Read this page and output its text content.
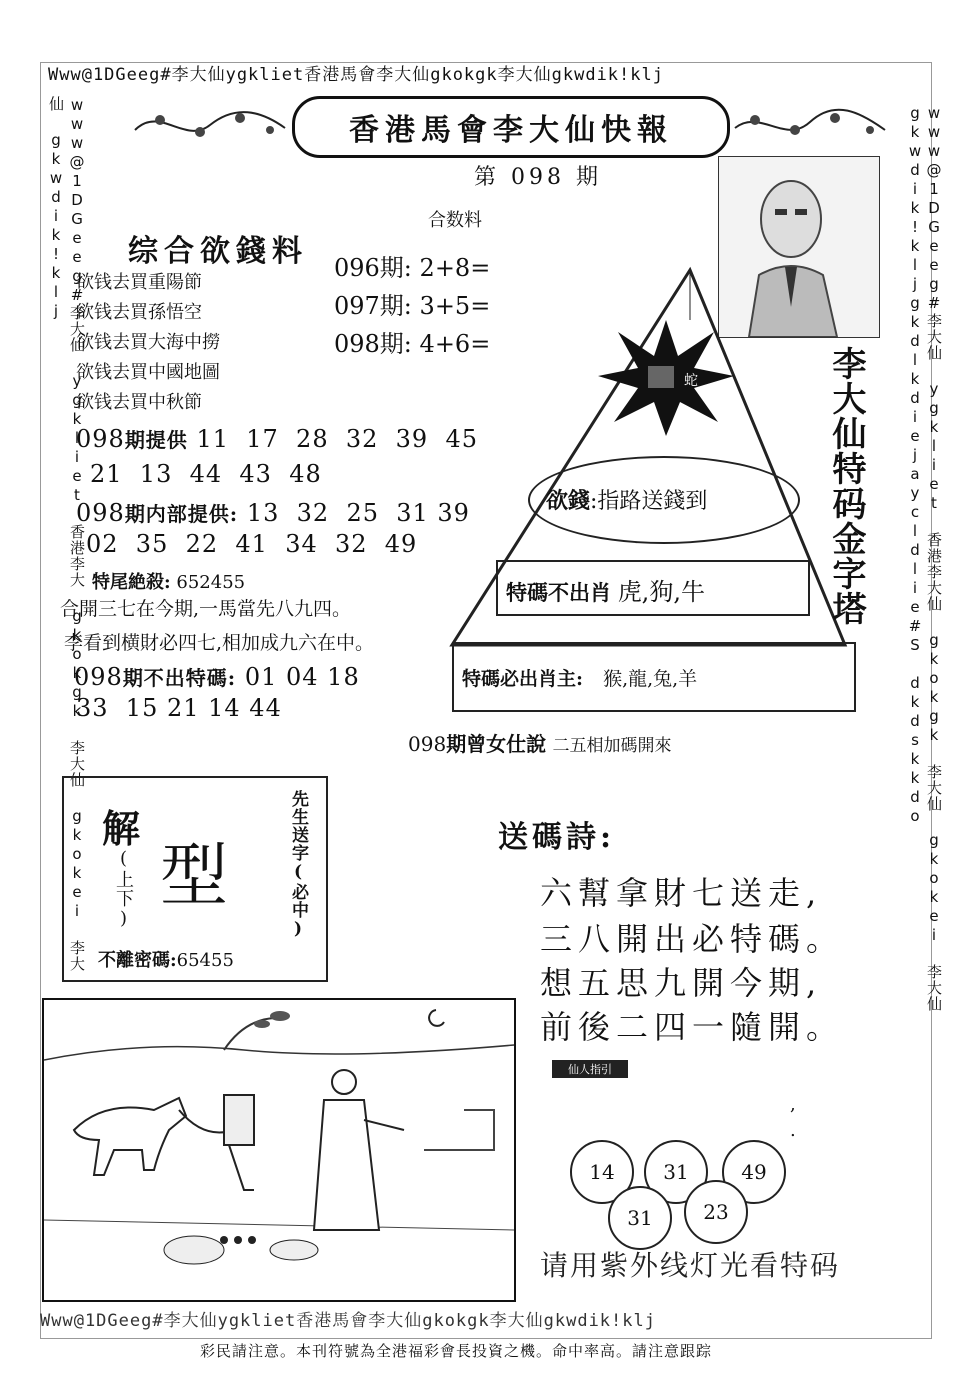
Www@1DGeeg#李大仙ygkliet香港馬會李大仙gkokgk李大仙gkwdik!klj
www@1DGeeg#李大仙 ygkliet 香港李大 gkokgk 李大仙 gkokei 李大仙 gkwdik!klj	www@1DGeeg#李大仙 ygkliet 香港李大仙 gkokgk 李大仙 gkokei 李大仙 gkwdik!kljgkdlkdiejaycldlie#S dkdskkdo
香港馬會李大仙快報
第 098 期
综合欲錢料
欲钱去買重陽節
欲钱去買孫悟空
欲钱去買大海中撈
欲钱去買中國地圖
欲钱去買中秋節
合数料
096期: 2+8=
097期: 3+5=
098期: 4+6=
098期提供 11  17  28  32  39  45
21  13  44  43  48
098期内部提供: 13  32  25  31 39
02  35  22  41  34  32  49
特尾絶殺: 652455
合開三七在今期,一馬當先八九四。
李看到横財必四七,相加成九六在中。
098期不出特碼: 01 04 18
33  15 21 14 44
蛇
欲錢:指路送錢到
特碼不出肖 虎,狗,牛
特碼必出肖主: 猴,龍,兔,羊
李大仙特码金字塔
098期曾女仕說 二五相加碼開來
解
(上下) 型	先生送字(必中)
不離密碼:65455
送碼詩:
六幫拿財七送走,
三八開出必特碼。
想五思九開今期,
前後二四一隨開。
仙人指引
,
.
14	31	49
31	23
请用紫外线灯光看特码
Www@1DGeeg#李大仙ygkliet香港馬會李大仙gkokgk李大仙gkwdik!klj
彩民請注意。本刊符號為全港福彩會長投資之機。命中率高。請注意跟踪
